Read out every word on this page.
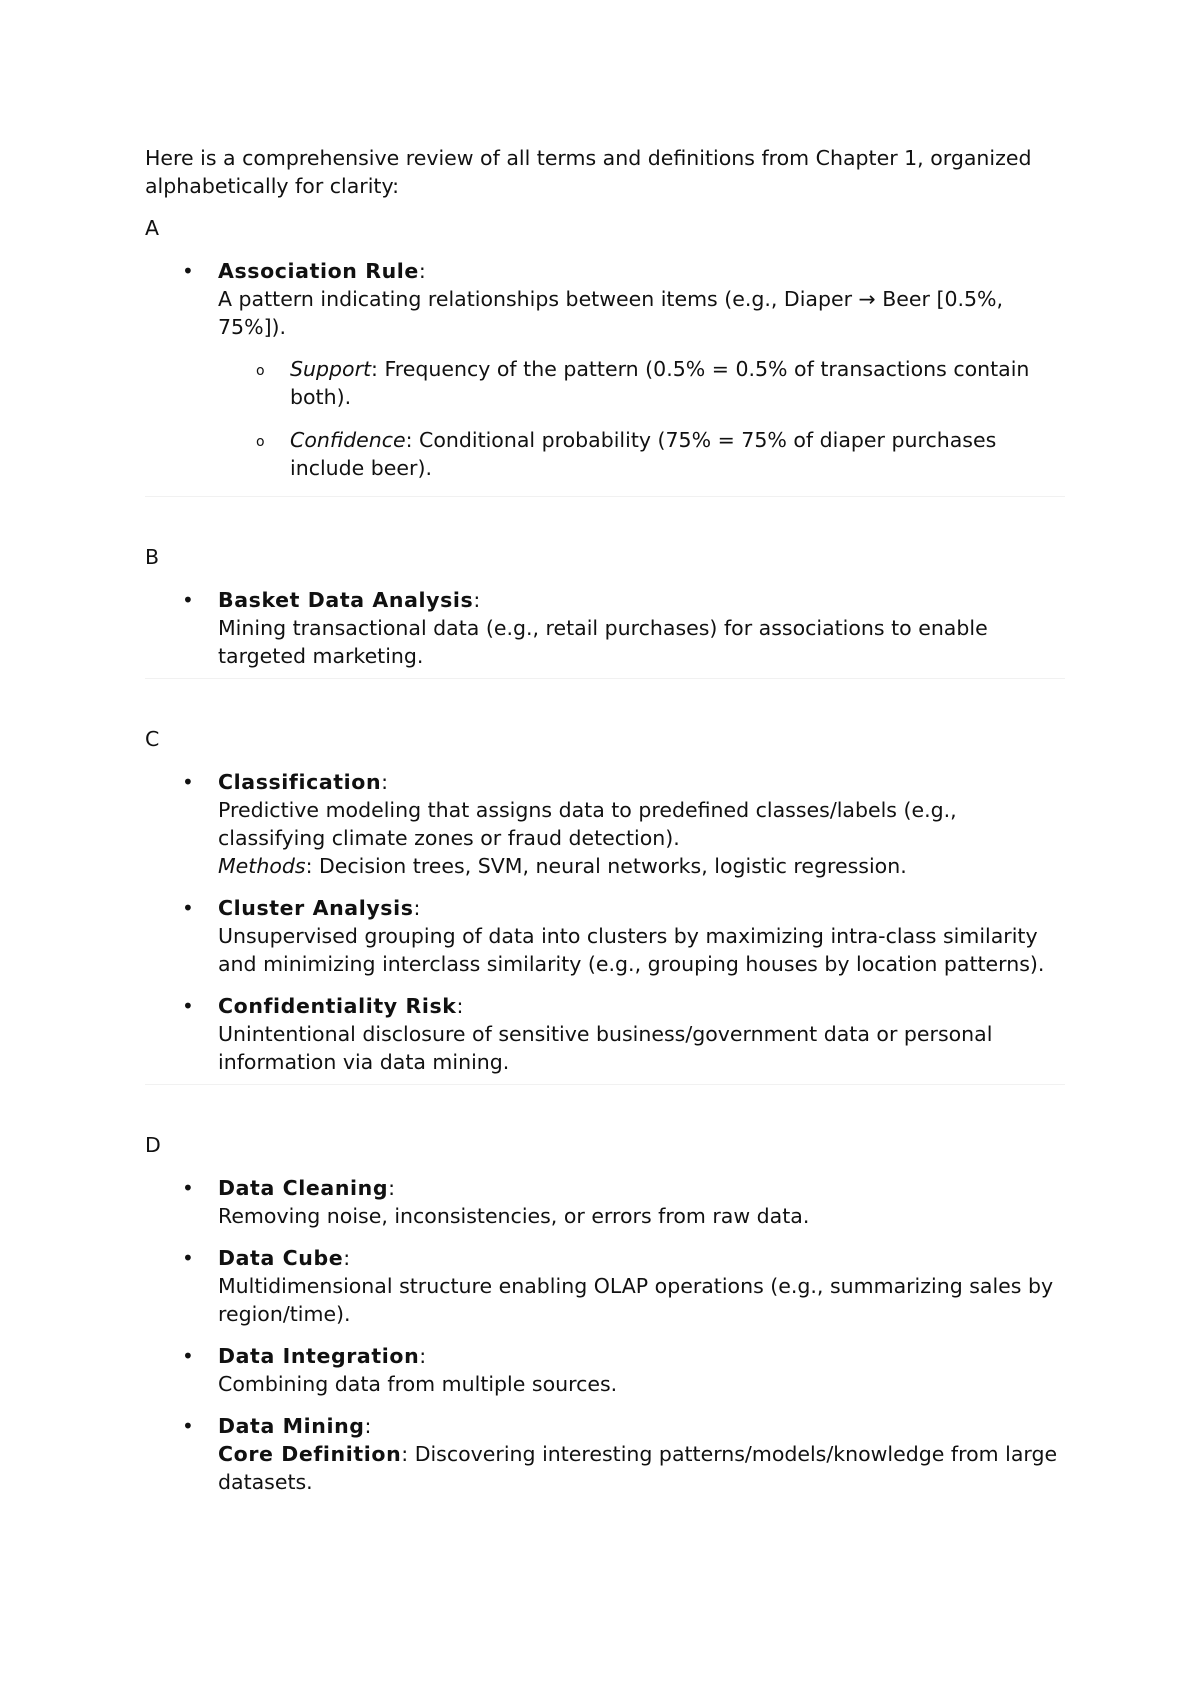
Here is a comprehensive review of all terms and definitions from Chapter 1, organized alphabetically for clarity:

A
• Association Rule:
A pattern indicating relationships between items (e.g., Diaper → Beer [0.5%, 75%]).
o Support: Frequency of the pattern (0.5% = 0.5% of transactions contain both).
o Confidence: Conditional probability (75% = 75% of diaper purchases include beer).
B
• Basket Data Analysis:
Mining transactional data (e.g., retail purchases) for associations to enable targeted marketing.
C
• Classification:
Predictive modeling that assigns data to predefined classes/labels (e.g., classifying climate zones or fraud detection).
Methods: Decision trees, SVM, neural networks, logistic regression.
• Cluster Analysis:
Unsupervised grouping of data into clusters by maximizing intra-class similarity and minimizing interclass similarity (e.g., grouping houses by location patterns).
• Confidentiality Risk:
Unintentional disclosure of sensitive business/government data or personal information via data mining.
D
• Data Cleaning:
Removing noise, inconsistencies, or errors from raw data.
• Data Cube:
Multidimensional structure enabling OLAP operations (e.g., summarizing sales by region/time).
• Data Integration:
Combining data from multiple sources.
• Data Mining:
Core Definition: Discovering interesting patterns/models/knowledge from large datasets.
